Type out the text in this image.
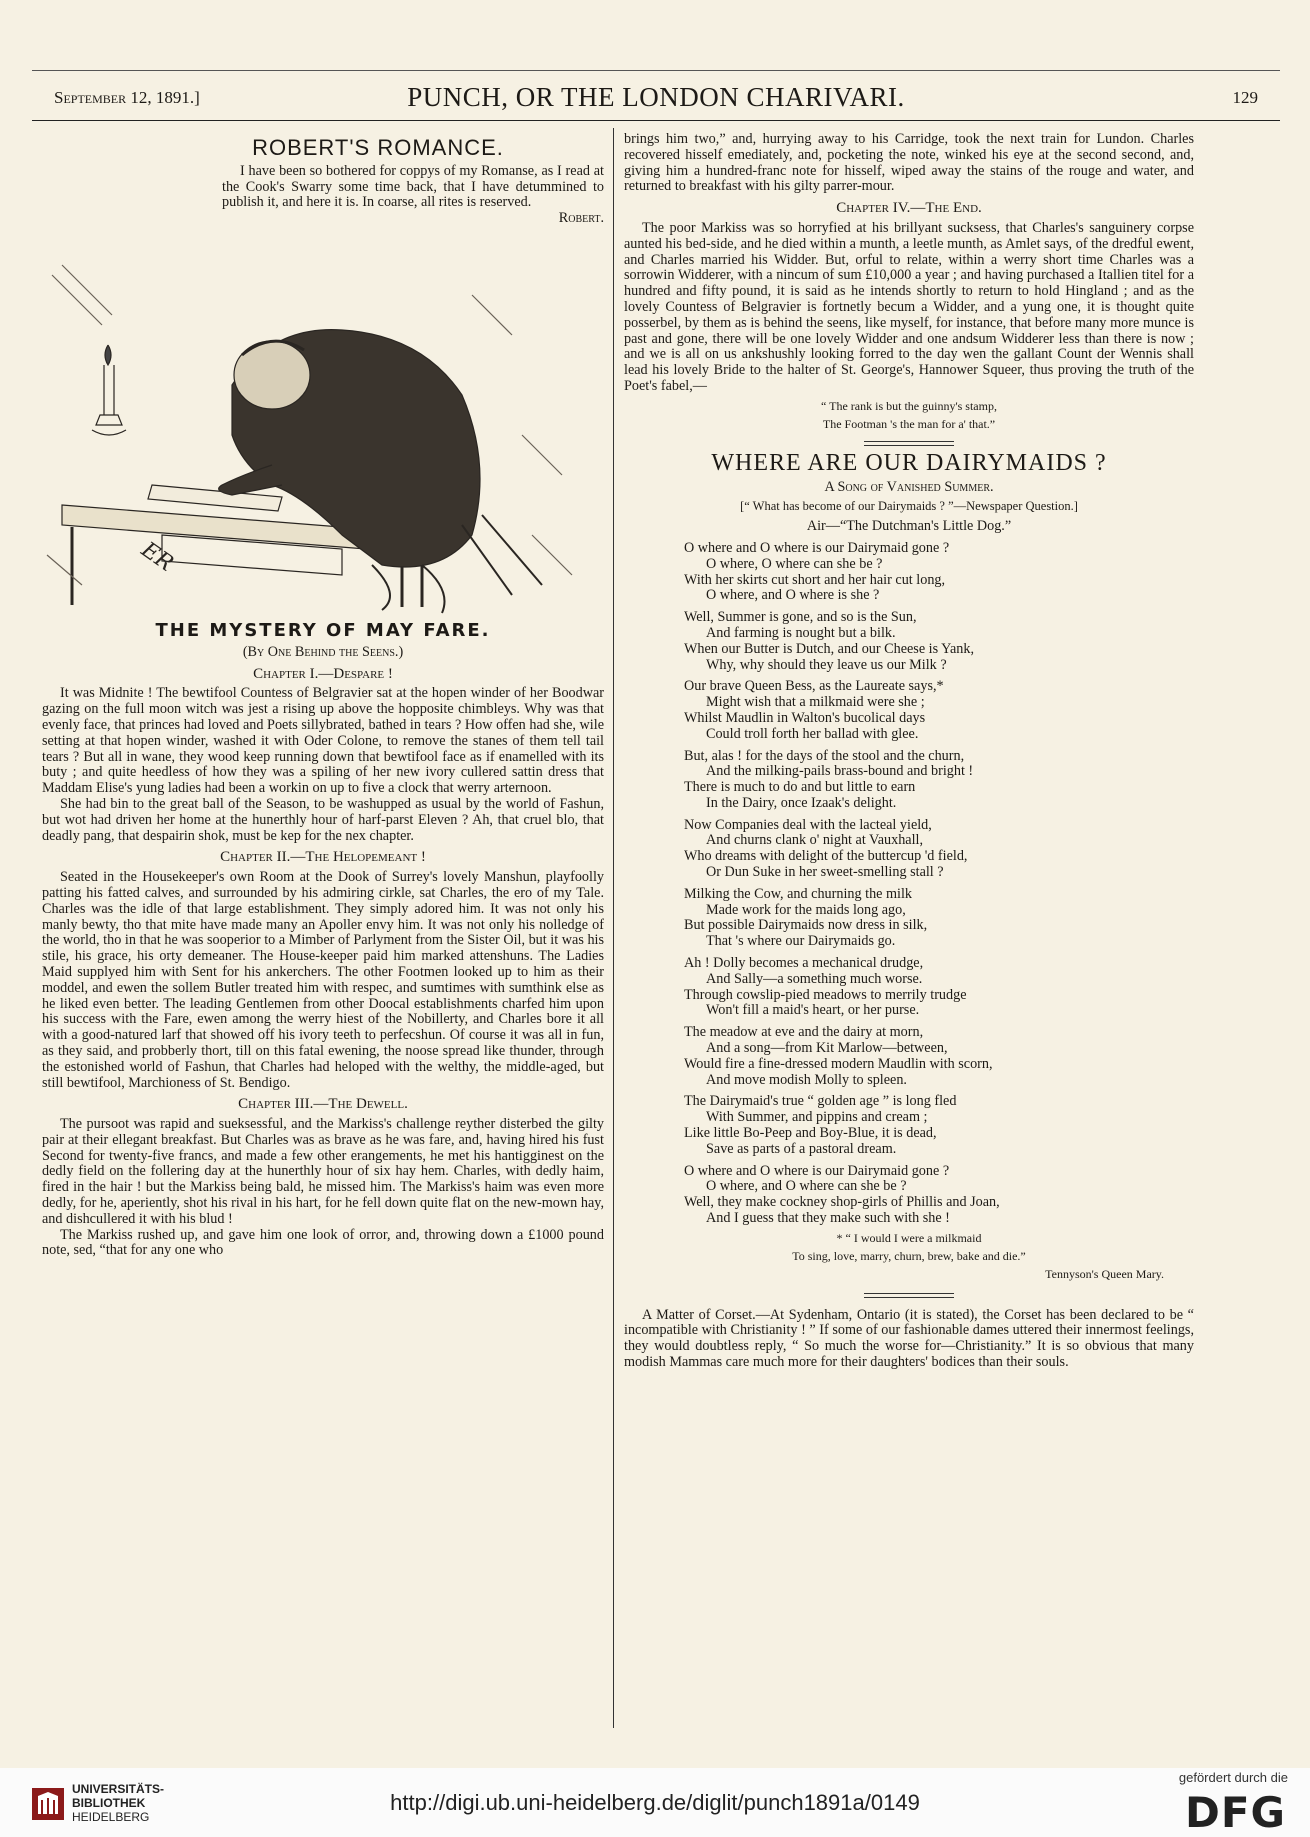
September 12, 1891.]	PUNCH, OR THE LONDON CHARIVARI.	129
ROBERT'S ROMANCE.

I have been so bothered for coppys of my Romanse, as I read at the Cook's Swarry some time back, that I have detummined to publish it, and here it is. In coarse, all rites is reserved.

Robert.
ER
THE MYSTERY OF MAY FARE.
(By One Behind the Seens.)
Chapter I.—Despare !

It was Midnite ! The bewtifool Countess of Belgravier sat at the hopen winder of her Boodwar gazing on the full moon witch was jest a rising up above the hopposite chimbleys. Why was that evenly face, that princes had loved and Poets sillybrated, bathed in tears ? How offen had she, wile setting at that hopen winder, washed it with Oder Colone, to remove the stanes of them tell tail tears ? But all in wane, they wood keep running down that bewtifool face as if enamelled with its buty ; and quite heedless of how they was a spiling of her new ivory cullered sattin dress that Maddam Elise's yung ladies had been a workin on up to five a clock that werry arternoon.

She had bin to the great ball of the Season, to be washupped as usual by the world of Fashun, but wot had driven her home at the hunerthly hour of harf-parst Eleven ? Ah, that cruel blo, that deadly pang, that despairin shok, must be kep for the nex chapter.

Chapter II.—The Helopemeant !

Seated in the Housekeeper's own Room at the Dook of Surrey's lovely Manshun, playfoolly patting his fatted calves, and surrounded by his admiring cirkle, sat Charles, the ero of my Tale. Charles was the idle of that large establishment. They simply adored him. It was not only his manly bewty, tho that mite have made many an Apoller envy him. It was not only his nolledge of the world, tho in that he was sooperior to a Mimber of Parlyment from the Sister Oil, but it was his stile, his grace, his orty demeaner. The House-keeper paid him marked attenshuns. The Ladies Maid supplyed him with Sent for his ankerchers. The other Footmen looked up to him as their moddel, and ewen the sollem Butler treated him with respec, and sumtimes with sumthink else as he liked even better. The leading Gentlemen from other Doocal establishments charfed him upon his success with the Fare, ewen among the werry hiest of the Nobillerty, and Charles bore it all with a good-natured larf that showed off his ivory teeth to perfecshun. Of course it was all in fun, as they said, and probberly thort, till on this fatal ewening, the noose spread like thunder, through the estonished world of Fashun, that Charles had heloped with the welthy, the middle-aged, but still bewtifool, Marchioness of St. Bendigo.

Chapter III.—The Dewell.

The pursoot was rapid and sueksessful, and the Markiss's challenge reyther disterbed the gilty pair at their ellegant breakfast. But Charles was as brave as he was fare, and, having hired his fust Second for twenty-five francs, and made a few other erangements, he met his hantigginest on the dedly field on the follering day at the hunerthly hour of six hay hem. Charles, with dedly haim, fired in the hair ! but the Markiss being bald, he missed him. The Markiss's haim was even more dedly, for he, aperiently, shot his rival in his hart, for he fell down quite flat on the new-mown hay, and dishcullered it with his blud !

The Markiss rushed up, and gave him one look of orror, and, throwing down a £1000 pound note, sed, “that for any one who

brings him two,” and, hurrying away to his Carridge, took the next train for Lundon. Charles recovered hisself emediately, and, pocketing the note, winked his eye at the second second, and, giving him a hundred-franc note for hisself, wiped away the stains of the rouge and water, and returned to breakfast with his gilty parrer-mour.

Chapter IV.—The End.

The poor Markiss was so horryfied at his brillyant sucksess, that Charles's sanguinery corpse aunted his bed-side, and he died within a munth, a leetle munth, as Amlet says, of the dredful ewent, and Charles married his Widder. But, orful to relate, within a werry short time Charles was a sorrowin Widderer, with a nincum of sum £10,000 a year ; and having purchased a Itallien titel for a hundred and fifty pound, it is said as he intends shortly to return to hold Hingland ; and as the lovely Countess of Belgravier is fortnetly becum a Widder, and a yung one, it is thought quite posserbel, by them as is behind the seens, like myself, for instance, that before many more munce is past and gone, there will be one lovely Widder and one andsum Widderer less than there is now ; and we is all on us ankshushly looking forred to the day wen the gallant Count der Wennis shall lead his lovely Bride to the halter of St. George's, Hannower Squeer, thus proving the truth of the Poet's fabel,—

“ The rank is but the guinny's stamp,
The Footman 's the man for a' that.”
WHERE ARE OUR DAIRYMAIDS ?
A Song of Vanished Summer.
[“ What has become of our Dairymaids ? ”—Newspaper Question.]
Air—“The Dutchman's Little Dog.”
O where and O where is our Dairymaid gone ?
O where, O where can she be ?
With her skirts cut short and her hair cut long,
O where, and O where is she ?
Well, Summer is gone, and so is the Sun,
And farming is nought but a bilk.
When our Butter is Dutch, and our Cheese is Yank,
Why, why should they leave us our Milk ?
Our brave Queen Bess, as the Laureate says,*
Might wish that a milkmaid were she ;
Whilst Maudlin in Walton's bucolical days
Could troll forth her ballad with glee.
But, alas ! for the days of the stool and the churn,
And the milking-pails brass-bound and bright !
There is much to do and but little to earn
In the Dairy, once Izaak's delight.
Now Companies deal with the lacteal yield,
And churns clank o' night at Vauxhall,
Who dreams with delight of the buttercup 'd field,
Or Dun Suke in her sweet-smelling stall ?
Milking the Cow, and churning the milk
Made work for the maids long ago,
But possible Dairymaids now dress in silk,
That 's where our Dairymaids go.
Ah ! Dolly becomes a mechanical drudge,
And Sally—a something much worse.
Through cowslip-pied meadows to merrily trudge
Won't fill a maid's heart, or her purse.
The meadow at eve and the dairy at morn,
And a song—from Kit Marlow—between,
Would fire a fine-dressed modern Maudlin with scorn,
And move modish Molly to spleen.
The Dairymaid's true “ golden age ” is long fled
With Summer, and pippins and cream ;
Like little Bo-Peep and Boy-Blue, it is dead,
Save as parts of a pastoral dream.
O where and O where is our Dairymaid gone ?
O where, and O where can she be ?
Well, they make cockney shop-girls of Phillis and Joan,
And I guess that they make such with she !
* “ I would I were a milkmaid
To sing, love, marry, churn, brew, bake and die.”
Tennyson's Queen Mary.

A Matter of Corset.—At Sydenham, Ontario (it is stated), the Corset has been declared to be “ incompatible with Christianity ! ” If some of our fashionable dames uttered their innermost feelings, they would doubtless reply, “ So much the worse for—Christianity.” It is so obvious that many modish Mammas care much more for their daughters' bodices than their souls.

UNIVERSITÄTS-
BIBLIOTHEK
HEIDELBERG
http://digi.ub.uni-heidelberg.de/diglit/punch1891a/0149
gefördert durch die
DFG
